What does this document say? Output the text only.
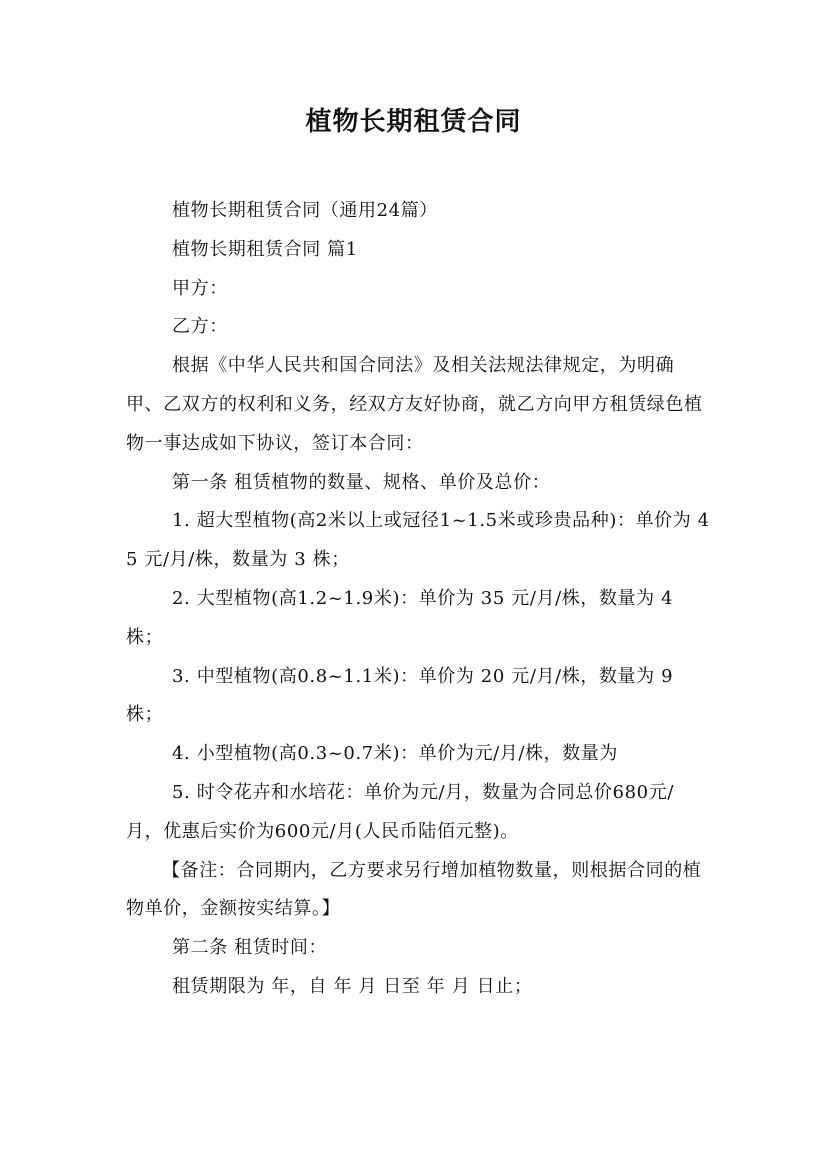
植物长期租赁合同

植物长期租赁合同（通用24篇）

植物长期租赁合同 篇1

甲方：

乙方：

根据《中华人民共和国合同法》及相关法规法律规定，为明确甲、乙双方的权利和义务，经双方友好协商，就乙方向甲方租赁绿色植物一事达成如下协议，签订本合同：

第一条 租赁植物的数量、规格、单价及总价：

1. 超大型植物(高2米以上或冠径1~1.5米或珍贵品种)：单价为 45 元/月/株，数量为 3 株；

2. 大型植物(高1.2~1.9米)：单价为 35 元/月/株，数量为 4 株；

3. 中型植物(高0.8~1.1米)：单价为 20 元/月/株，数量为 9 株；

4. 小型植物(高0.3~0.7米)：单价为元/月/株，数量为

5. 时令花卉和水培花：单价为元/月，数量为合同总价680元/月，优惠后实价为600元/月(人民币陆佰元整)。

【备注：合同期内，乙方要求另行增加植物数量，则根据合同的植物单价，金额按实结算。】

第二条 租赁时间：

租赁期限为 年，自 年 月 日至 年 月 日止；
